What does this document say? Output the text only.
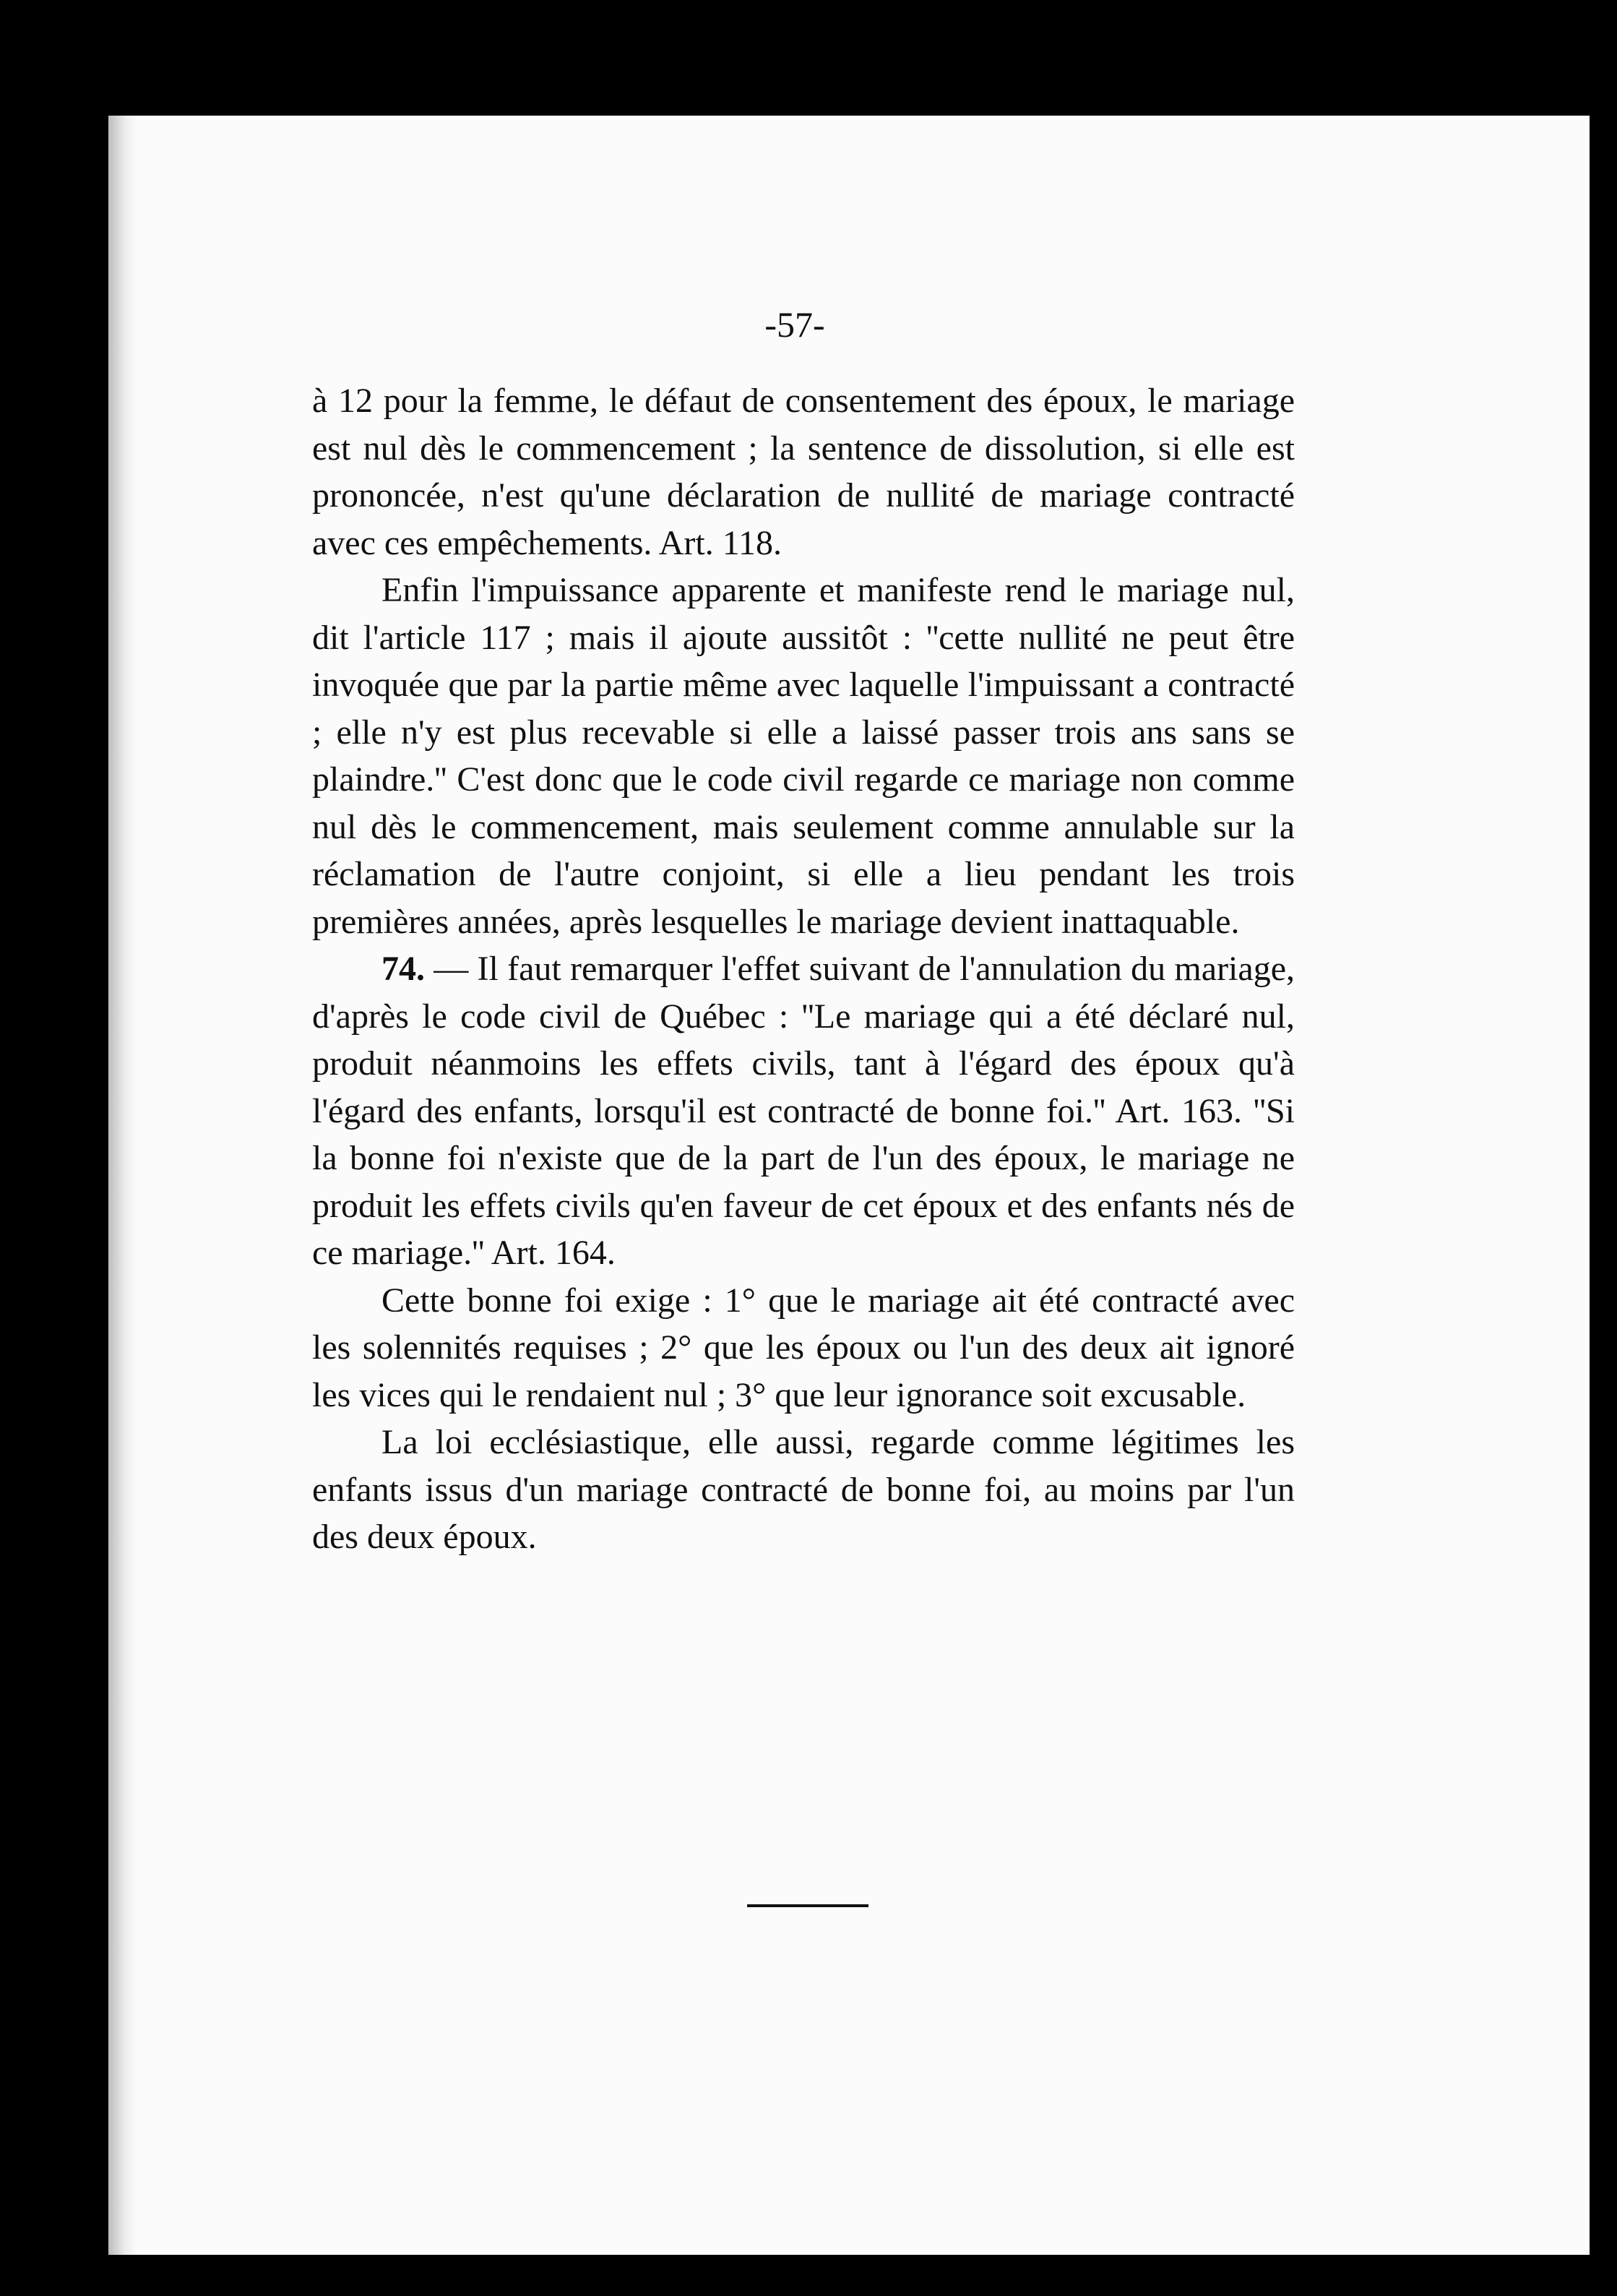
-57-

à 12 pour la femme, le défaut de consentement des époux, le mariage est nul dès le commencement ; la sentence de dissolution, si elle est prononcée, n'est qu'une déclaration de nullité de mariage contracté avec ces empêchements. Art. 118.

Enfin l'impuissance apparente et manifeste rend le mariage nul, dit l'article 117 ; mais il ajoute aussitôt : ''cette nullité ne peut être invoquée que par la partie même avec laquelle l'impuissant a contracté ; elle n'y est plus recevable si elle a laissé passer trois ans sans se plaindre.'' C'est donc que le code civil regarde ce mariage non comme nul dès le commencement, mais seulement comme annulable sur la réclamation de l'autre conjoint, si elle a lieu pendant les trois premières années, après lesquelles le mariage devient inattaquable.

74. — Il faut remarquer l'effet suivant de l'annulation du mariage, d'après le code civil de Québec : ''Le mariage qui a été déclaré nul, produit néanmoins les effets civils, tant à l'égard des époux qu'à l'égard des enfants, lorsqu'il est contracté de bonne foi.'' Art. 163. ''Si la bonne foi n'existe que de la part de l'un des époux, le mariage ne produit les effets civils qu'en faveur de cet époux et des enfants nés de ce mariage.'' Art. 164.

Cette bonne foi exige : 1° que le mariage ait été contracté avec les solennités requises ; 2° que les époux ou l'un des deux ait ignoré les vices qui le rendaient nul ; 3° que leur ignorance soit excusable.

La loi ecclésiastique, elle aussi, regarde comme légitimes les enfants issus d'un mariage contracté de bonne foi, au moins par l'un des deux époux.
